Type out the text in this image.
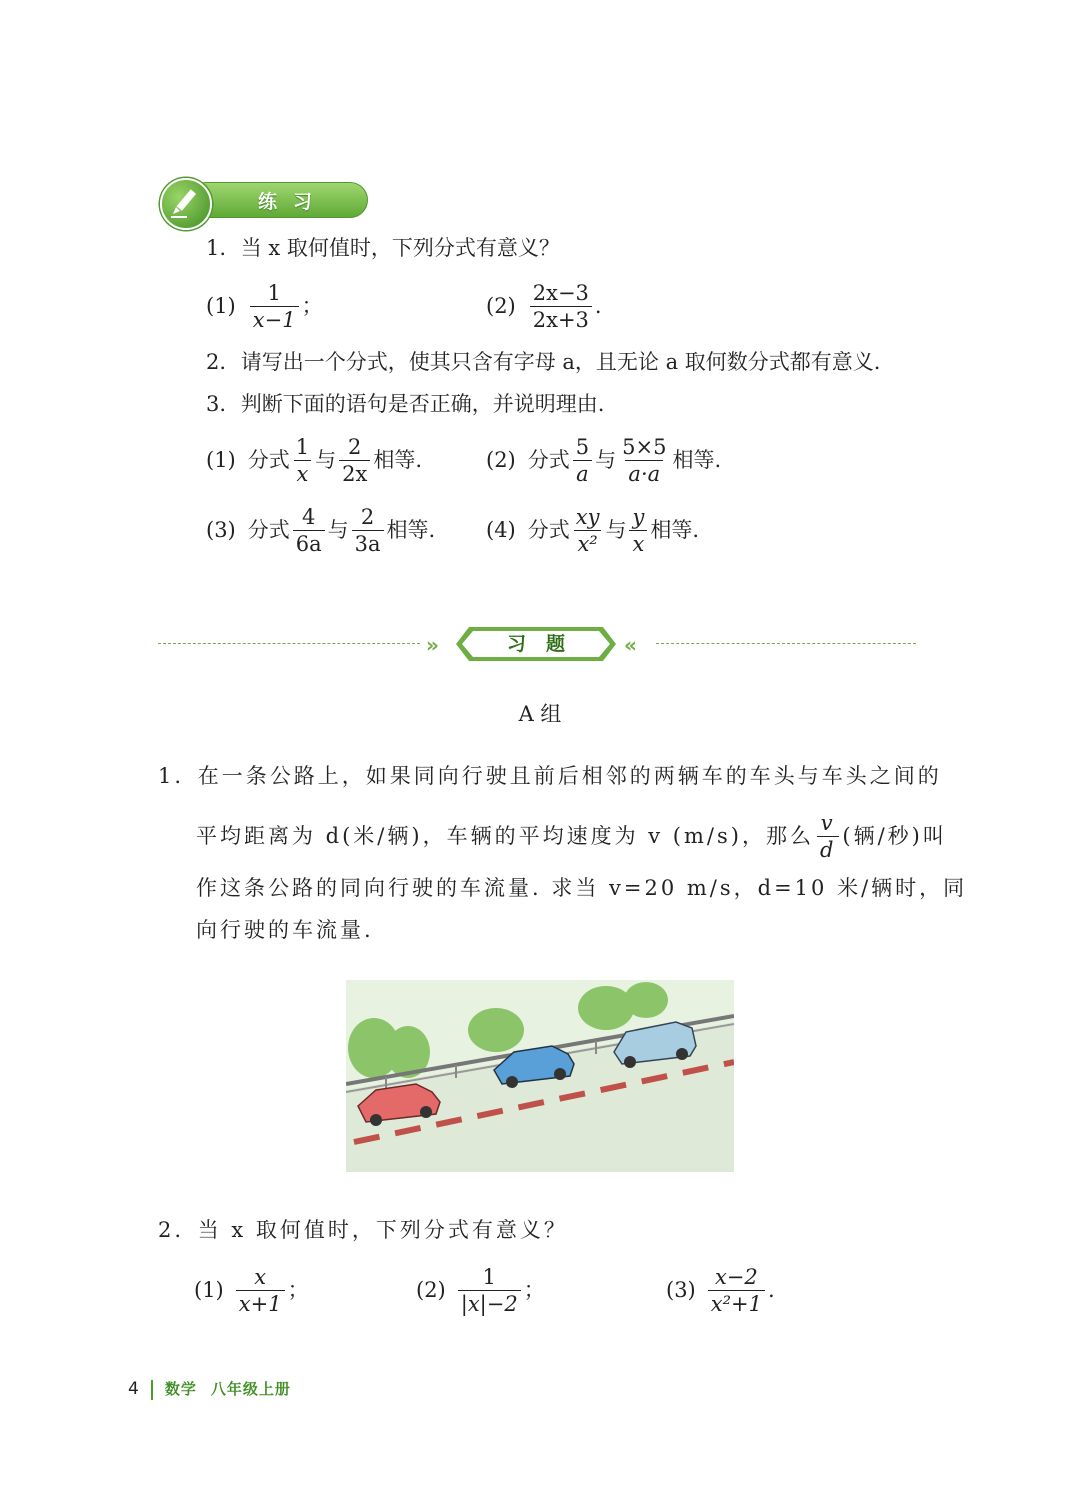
练习
1. 当 x 取何值时，下列分式有意义？
$(1) \frac{1}{x-1}$ ；	$(2) \frac{2x-3}{2x+3}$ .
2. 请写出一个分式，使其只含有字母 a，且无论 a 取何数分式都有意义.
3. 判断下面的语句是否正确，并说明理由.
(1) 分式 $\frac{1}{x}$ 与 $\frac{2}{2x}$ 相等.	(2) 分式 $\frac{5}{a}$ 与 $\frac{5\times 5}{a\cdot a}$ 相等.
(3) 分式 $\frac{4}{6a}$ 与 $\frac{2}{3a}$ 相等. (4) 分式 $\frac{xy}{\text{x²}}$ 与 $\frac{y}{x}$ 相等.
»	习题	«
A 组
1. 在一条公路上，如果同向行驶且前后相邻的两辆车的车头与车头之间的
平均距离为 d(米/辆)，车辆的平均速度为 v (m/s)，那么 $\frac{v}{d}$ (辆/秒)叫
作这条公路的同向行驶的车流量. 求当 v=20 m/s，d=10 米/辆时，同
向行驶的车流量.
2. 当 x 取何值时，下列分式有意义？
$(1) \frac{x}{x+1}$ ；	$(2) \frac{1}{|x|-2}$ ；	$(3) \frac{x-2}{\text{x²+1}}$ .
4 数学 八年级上册
